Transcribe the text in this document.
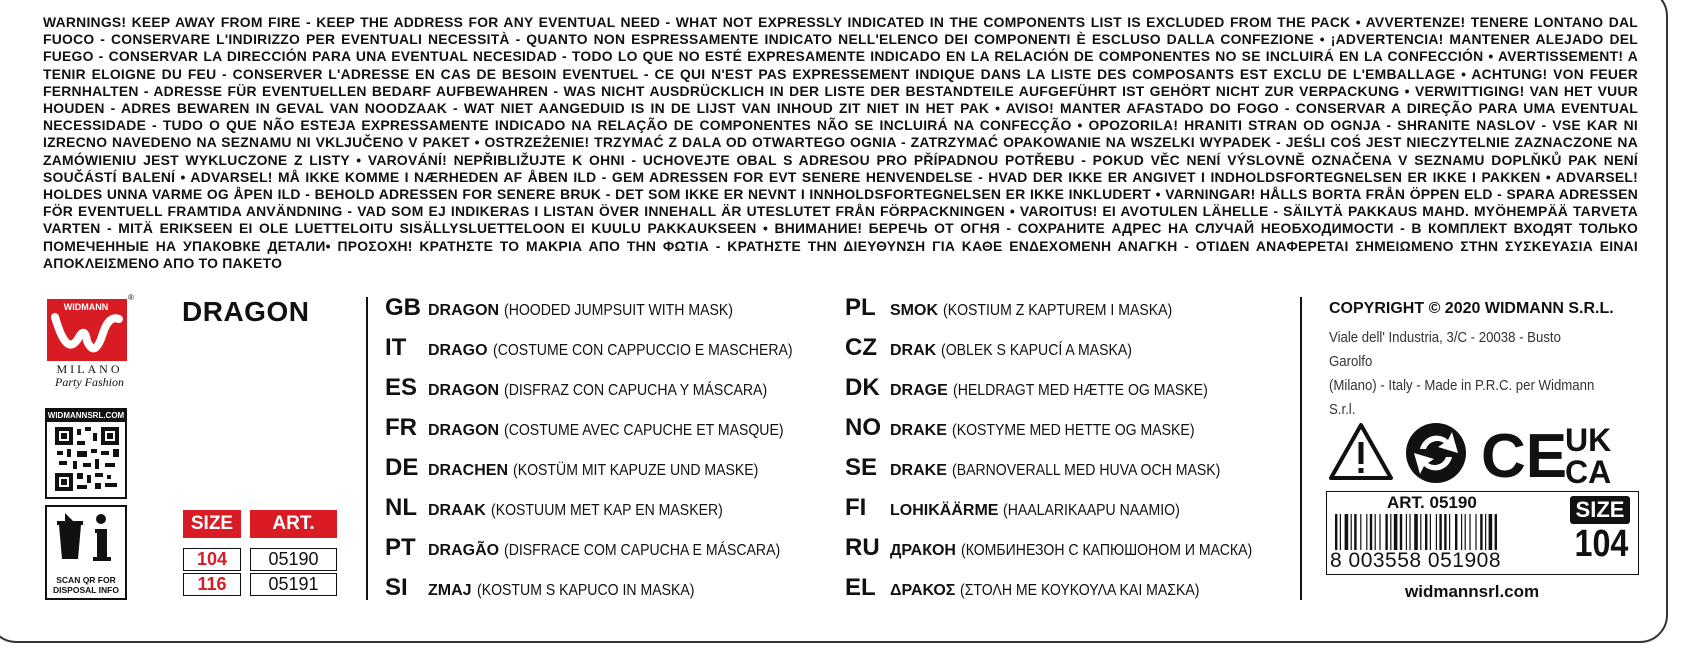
WARNINGS! KEEP AWAY FROM FIRE - KEEP THE ADDRESS FOR ANY EVENTUAL NEED - WHAT NOT EXPRESSLY INDICATED IN THE COMPONENTS LIST IS EXCLUDED FROM THE PACK • AVVERTENZE! TENERE LONTANO DAL FUOCO - CONSERVARE L'INDIRIZZO PER EVENTUALI NECESSITÀ - QUANTO NON ESPRESSAMENTE INDICATO NELL'ELENCO DEI COMPONENTI È ESCLUSO DALLA CONFEZIONE • ¡ADVERTENCIA! MANTENER ALEJADO DEL FUEGO - CONSERVAR LA DIRECCIÓN PARA UNA EVENTUAL NECESIDAD - TODO LO QUE NO ESTÉ EXPRESAMENTE INDICADO EN LA RELACIÓN DE COMPONENTES NO SE INCLUIRÁ EN LA CONFECCIÓN • AVERTISSEMENT! A TENIR ELOIGNE DU FEU - CONSERVER L'ADRESSE EN CAS DE BESOIN EVENTUEL - CE QUI N'EST PAS EXPRESSEMENT INDIQUE DANS LA LISTE DES COMPOSANTS EST EXCLU DE L'EMBALLAGE • ACHTUNG! VON FEUER FERNHALTEN - ADRESSE FÜR EVENTUELLEN BEDARF AUFBEWAHREN - WAS NICHT AUSDRÜCKLICH IN DER LISTE DER BESTANDTEILE AUFGEFÜHRT IST GEHÖRT NICHT ZUR VERPACKUNG • VERWITTIGING! VAN HET VUUR HOUDEN - ADRES BEWAREN IN GEVAL VAN NOODZAAK - WAT NIET AANGEDUID IS IN DE LIJST VAN INHOUD ZIT NIET IN HET PAK • AVISO! MANTER AFASTADO DO FOGO - CONSERVAR A DIREÇÃO PARA UMA EVENTUAL NECESSIDADE - TUDO O QUE NÃO ESTEJA EXPRESSAMENTE INDICADO NA RELAÇÃO DE COMPONENTES NÃO SE INCLUIRÁ NA CONFECÇÃO • OPOZORILA! HRANITI STRAN OD OGNJA - SHRANITE NASLOV - VSE KAR NI IZRECNO NAVEDENO NA SEZNAMU NI VKLJUČENO V PAKET • OSTRZEŻENIE! TRZYMAĆ Z DALA OD OTWARTEGO OGNIA - ZATRZYMAĆ OPAKOWANIE NA WSZELKI WYPADEK - JEŚLI COŚ JEST NIECZYTELNIE ZAZNACZONE NA ZAMÓWIENIU JEST WYKLUCZONE Z LISTY • VAROVÁNÍ! NEPŘIBLIŽUJTE K OHNI - UCHOVEJTE OBAL S ADRESOU PRO PŘÍPADNOU POTŘEBU - POKUD VĚC NENÍ VÝSLOVNĚ OZNAČENA V SEZNAMU DOPLŇKŮ PAK NENÍ SOUČÁSTÍ BALENÍ • ADVARSEL! MÅ IKKE KOMME I NÆRHEDEN AF ÅBEN ILD - GEM ADRESSEN FOR EVT SENERE HENVENDELSE - HVAD DER IKKE ER ANGIVET I INDHOLDSFORTEGNELSEN ER IKKE I PAKKEN • ADVARSEL! HOLDES UNNA VARME OG ÅPEN ILD - BEHOLD ADRESSEN FOR SENERE BRUK - DET SOM IKKE ER NEVNT I INNHOLDSFORTEGNELSEN ER IKKE INKLUDERT • VARNINGAR! HÅLLS BORTA FRÅN ÖPPEN ELD - SPARA ADRESSEN FÖR EVENTUELL FRAMTIDA ANVÄNDNING - VAD SOM EJ INDIKERAS I LISTAN ÖVER INNEHALL ÄR UTESLUTET FRÅN FÖRPACKNINGEN • VAROITUS! EI AVOTULEN LÄHELLE - SÄILYTÄ PAKKAUS MAHD. MYÖHEMPÄÄ TARVETA VARTEN - MITÄ ERIKSEEN EI OLE LUETTELOITU SISÄLLYSLUETTELOON EI KUULU PAKKAUKSEEN • ВНИМАНИЕ! БЕРЕЧЬ ОТ ОГНЯ - СОХРАНИТЕ АДРЕС НА СЛУЧАЙ НЕОБХОДИМОСТИ - В КОМПЛЕКТ ВХОДЯТ ТОЛЬКО ПОМЕЧЕННЫЕ НА УПАКОВКЕ ДЕТАЛИ• ΠΡΟΣΟΧΗ! ΚΡΑΤΗΣΤΕ ΤΟ ΜΑΚΡΙΑ ΑΠΟ ΤΗΝ ΦΩΤΙΑ - ΚΡΑΤΗΣΤΕ ΤΗΝ ΔΙΕΥΘΥΝΣΗ ΓΙΑ ΚΑΘΕ ΕΝΔΕΧΟΜΕΝΗ ΑΝΑΓΚΗ - ΟΤΙΔΕΝ ΑΝΑΦΕΡΕΤΑΙ ΣΗΜΕΙΩΜΕΝΟ ΣΤΗΝ ΣΥΣΚΕΥΑΣΙΑ ΕΙΝΑΙ ΑΠΟΚΛΕΙΣΜΕΝΟ ΑΠΟ ΤΟ ΠΑΚΕΤΟ
WIDMANN
®
MILANO
Party Fashion
DRAGON
WIDMANNSRL.COM
SCAN QR FOR
DISPOSAL INFO
SIZE	ART.
104	05190
116	05191
GB DRAGON (HOODED JUMPSUIT WITH MASK)
IT	DRAGO (COSTUME CON CAPPUCCIO E MASCHERA)
ES DRAGON (DISFRAZ CON CAPUCHA Y MÁSCARA)
FR DRAGON (COSTUME AVEC CAPUCHE ET MASQUE)
DE DRACHEN (KOSTÜM MIT KAPUZE UND MASKE)
NL DRAAK (KOSTUUM MET KAP EN MASKER)
PT DRAGÃO (DISFRACE COM CAPUCHA E MÁSCARA)
SI	ZMAJ (KOSTUM S KAPUCO IN MASKA)
PL SMOK (KOSTIUM Z KAPTUREM I MASKA)
CZ DRAK (OBLEK S KAPUCÍ A MASKA)
DK DRAGE (HELDRAGT MED HÆTTE OG MASKE)
NO DRAKE (KOSTYME MED HETTE OG MASKE)
SE DRAKE (BARNOVERALL MED HUVA OCH MASK)
FI	LOHIKÄÄRME (HAALARIKAAPU NAAMIO)
RU ДРАКОН (КОМБИНЕЗОН С КАПЮШОНОМ И МАСКА)
EL ΔΡΑΚΟΣ (ΣΤΟΛΗ ΜΕ ΚΟΥΚΟΥΛΑ ΚΑΙ ΜΑΣΚΑ)
COPYRIGHT © 2020 WIDMANN S.R.L.
Viale dell' Industria, 3/C - 20038 - Busto Garolfo
(Milano) - Italy - Made in P.R.C. per Widmann S.r.l.
CE
UK
CA
ART. 05190
8 003558 051908
SIZE
104
widmannsrl.com
